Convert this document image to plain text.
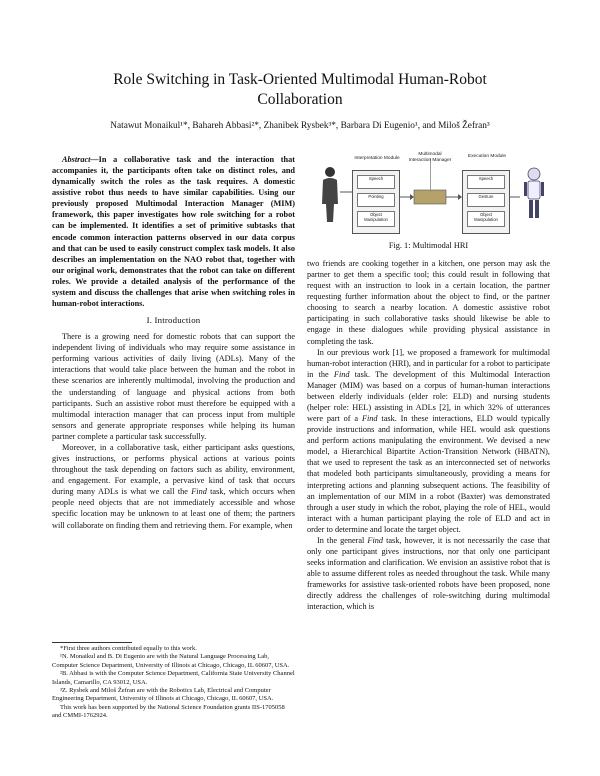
Role Switching in Task-Oriented Multimodal Human-Robot
Collaboration
Natawut Monaikul¹*, Bahareh Abbasi²*, Zhanibek Rysbek³*, Barbara Di Eugenio¹, and Miloš Žefran³

Abstract—In a collaborative task and the interaction that accompanies it, the participants often take on distinct roles, and dynamically switch the roles as the task requires. A domestic assistive robot thus needs to have similar capabilities. Using our previously proposed Multimodal Interaction Manager (MIM) framework, this paper investigates how role switching for a robot can be implemented. It identifies a set of primitive subtasks that encode common interaction patterns observed in our data corpus and that can be used to easily construct complex task models. It also describes an implementation on the NAO robot that, together with our original work, demonstrates that the robot can take on different roles. We provide a detailed analysis of the performance of the system and discuss the challenges that arise when switching roles in human-robot interactions.

I. Introduction

There is a growing need for domestic robots that can support the independent living of individuals who may require some assistance in performing various activities of daily living (ADLs). Many of the interactions that would take place between the human and the robot in these scenarios are inherently multimodal, involving the production and the understanding of language and physical actions from both participants. Such an assistive robot must therefore be equipped with a multimodal interaction manager that can process input from multiple sensors and generate appropriate responses while helping its human partner complete a particular task successfully.

Moreover, in a collaborative task, either participant asks questions, gives instructions, or performs physical actions at various points throughout the task depending on factors such as ability, environment, and engagement. For example, a pervasive kind of task that occurs during many ADLs is what we call the Find task, which occurs when people need objects that are not immediately accessible and whose specific location may be unknown to at least one of them; the partners will collaborate on finding them and retrieving them. For example, when

*First three authors contributed equally to this work.

¹N. Monaikul and B. Di Eugenio are with the Natural Language Processing Lab, Computer Science Department, University of Illinois at Chicago, Chicago, IL 60607, USA.

²B. Abbasi is with the Computer Science Department, California State University Channel Islands, Camarillo, CA 93012, USA.

³Z. Rysbek and Miloš Žefran are with the Robotics Lab, Electrical and Computer Engineering Department, University of Illinois at Chicago, Chicago, IL 60607, USA.

This work has been supported by the National Science Foundation grants IIS-1705058 and CMMI-1762924.

Interpretation Module
Speech
Pointing
Object Manipulation
Multimodal Interaction Manager
Execution Module
Speech
Gesture
Object Manipulation
Fig. 1: Multimodal HRI

two friends are cooking together in a kitchen, one person may ask the partner to get them a specific tool; this could result in following that request with an instruction to look in a certain location, the partner requesting further information about the object to find, or the partner choosing to search a nearby location. A domestic assistive robot participating in such collaborative tasks should likewise be able to engage in these dialogues while providing physical assistance in completing the task.

In our previous work [1], we proposed a framework for multimodal human-robot interaction (HRI), and in particular for a robot to participate in the Find task. The development of this Multimodal Interaction Manager (MIM) was based on a corpus of human-human interactions between elderly individuals (elder role: ELD) and nursing students (helper role: HEL) assisting in ADLs [2], in which 32% of utterances were part of a Find task. In these interactions, ELD would typically provide instructions and information, while HEL would ask questions and perform actions manipulating the environment. We devised a new model, a Hierarchical Bipartite Action-Transition Network (HBATN), that we used to represent the task as an interconnected set of networks that modeled both participants simultaneously, providing a means for interpreting actions and planning subsequent actions. The feasibility of an implementation of our MIM in a robot (Baxter) was demonstrated through a user study in which the robot, playing the role of HEL, would interact with a human participant playing the role of ELD and act in order to determine and locate the target object.

In the general Find task, however, it is not necessarily the case that only one participant gives instructions, nor that only one participant seeks information and clarification. We envision an assistive robot that is able to assume different roles as needed throughout the task. While many frameworks for assistive task-oriented robots have been proposed, none directly address the challenges of role-switching during multimodal interaction, which is
